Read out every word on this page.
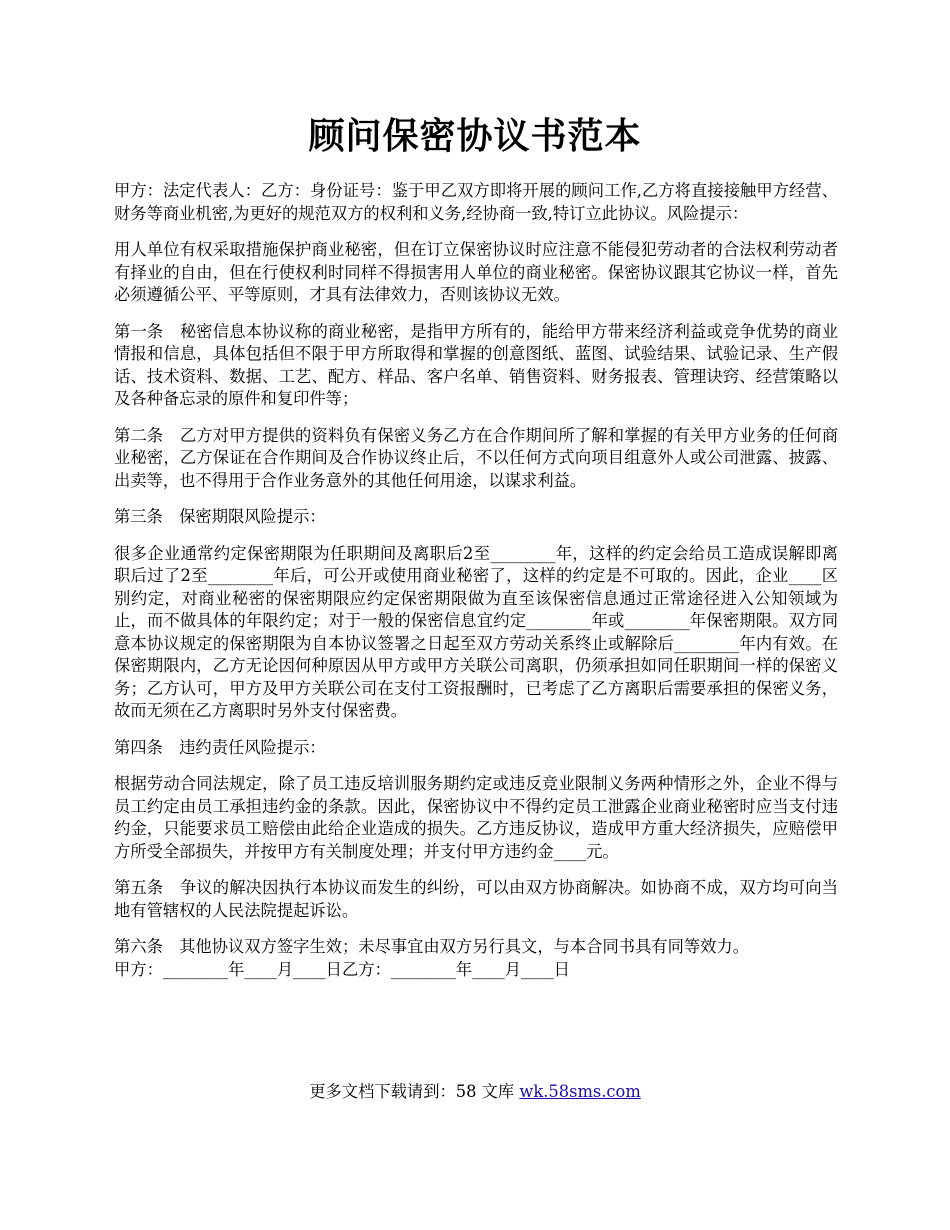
顾问保密协议书范本

甲方：法定代表人：乙方：身份证号：鉴于甲乙双方即将开展的顾问工作,乙方将直接接触甲方经营、财务等商业机密,为更好的规范双方的权利和义务,经协商一致,特订立此协议。风险提示：

用人单位有权采取措施保护商业秘密，但在订立保密协议时应注意不能侵犯劳动者的合法权利劳动者有择业的自由，但在行使权利时同样不得损害用人单位的商业秘密。保密协议跟其它协议一样，首先必须遵循公平、平等原则，才具有法律效力，否则该协议无效。

第一条　秘密信息本协议称的商业秘密，是指甲方所有的，能给甲方带来经济利益或竞争优势的商业情报和信息，具体包括但不限于甲方所取得和掌握的创意图纸、蓝图、试验结果、试验记录、生产假话、技术资料、数据、工艺、配方、样品、客户名单、销售资料、财务报表、管理诀窍、经营策略以及各种备忘录的原件和复印件等；

第二条　乙方对甲方提供的资料负有保密义务乙方在合作期间所了解和掌握的有关甲方业务的任何商业秘密，乙方保证在合作期间及合作协议终止后，不以任何方式向项目组意外人或公司泄露、披露、出卖等，也不得用于合作业务意外的其他任何用途，以谋求利益。

第三条　保密期限风险提示：

很多企业通常约定保密期限为任职期间及离职后2至________年，这样的约定会给员工造成误解即离职后过了2至________年后，可公开或使用商业秘密了，这样的约定是不可取的。因此，企业____区别约定，对商业秘密的保密期限应约定保密期限做为直至该保密信息通过正常途径进入公知领域为止，而不做具体的年限约定；对于一般的保密信息宜约定________年或________年保密期限。双方同意本协议规定的保密期限为自本协议签署之日起至双方劳动关系终止或解除后________年内有效。在保密期限内，乙方无论因何种原因从甲方或甲方关联公司离职，仍须承担如同任职期间一样的保密义务；乙方认可，甲方及甲方关联公司在支付工资报酬时，已考虑了乙方离职后需要承担的保密义务，故而无须在乙方离职时另外支付保密费。

第四条　违约责任风险提示：

根据劳动合同法规定，除了员工违反培训服务期约定或违反竞业限制义务两种情形之外，企业不得与员工约定由员工承担违约金的条款。因此，保密协议中不得约定员工泄露企业商业秘密时应当支付违约金，只能要求员工赔偿由此给企业造成的损失。乙方违反协议，造成甲方重大经济损失，应赔偿甲方所受全部损失，并按甲方有关制度处理；并支付甲方违约金____元。

第五条　争议的解决因执行本协议而发生的纠纷，可以由双方协商解决。如协商不成，双方均可向当地有管辖权的人民法院提起诉讼。

第六条　其他协议双方签字生效；未尽事宜由双方另行具文，与本合同书具有同等效力。

甲方：________年____月____日乙方：________年____月____日

更多文档下载请到：58 文库 wk.58sms.com
